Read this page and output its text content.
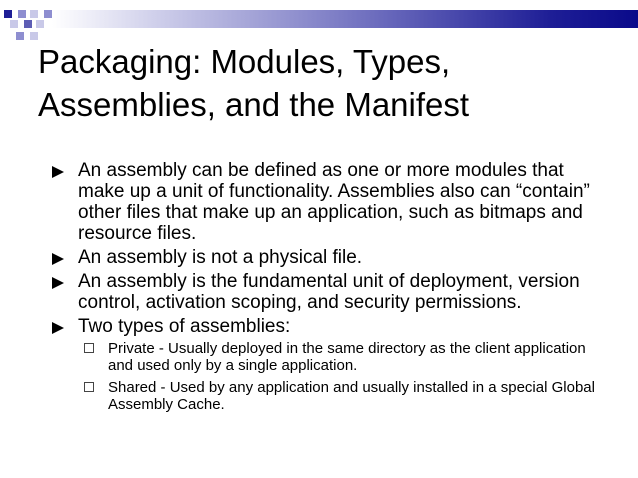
Packaging: Modules, Types,
Assemblies, and the Manifest
An assembly can be defined as one or more modules that make up a unit of functionality. Assemblies also can “contain” other files that make up an application, such as bitmaps and resource files.
An assembly is not a physical file.
An assembly is the fundamental unit of deployment, version control, activation scoping, and security permissions.
Two types of assemblies:
Private - Usually deployed in the same directory as the client application and used only by a single application.
Shared - Used by any application and usually installed in a special Global Assembly Cache.
